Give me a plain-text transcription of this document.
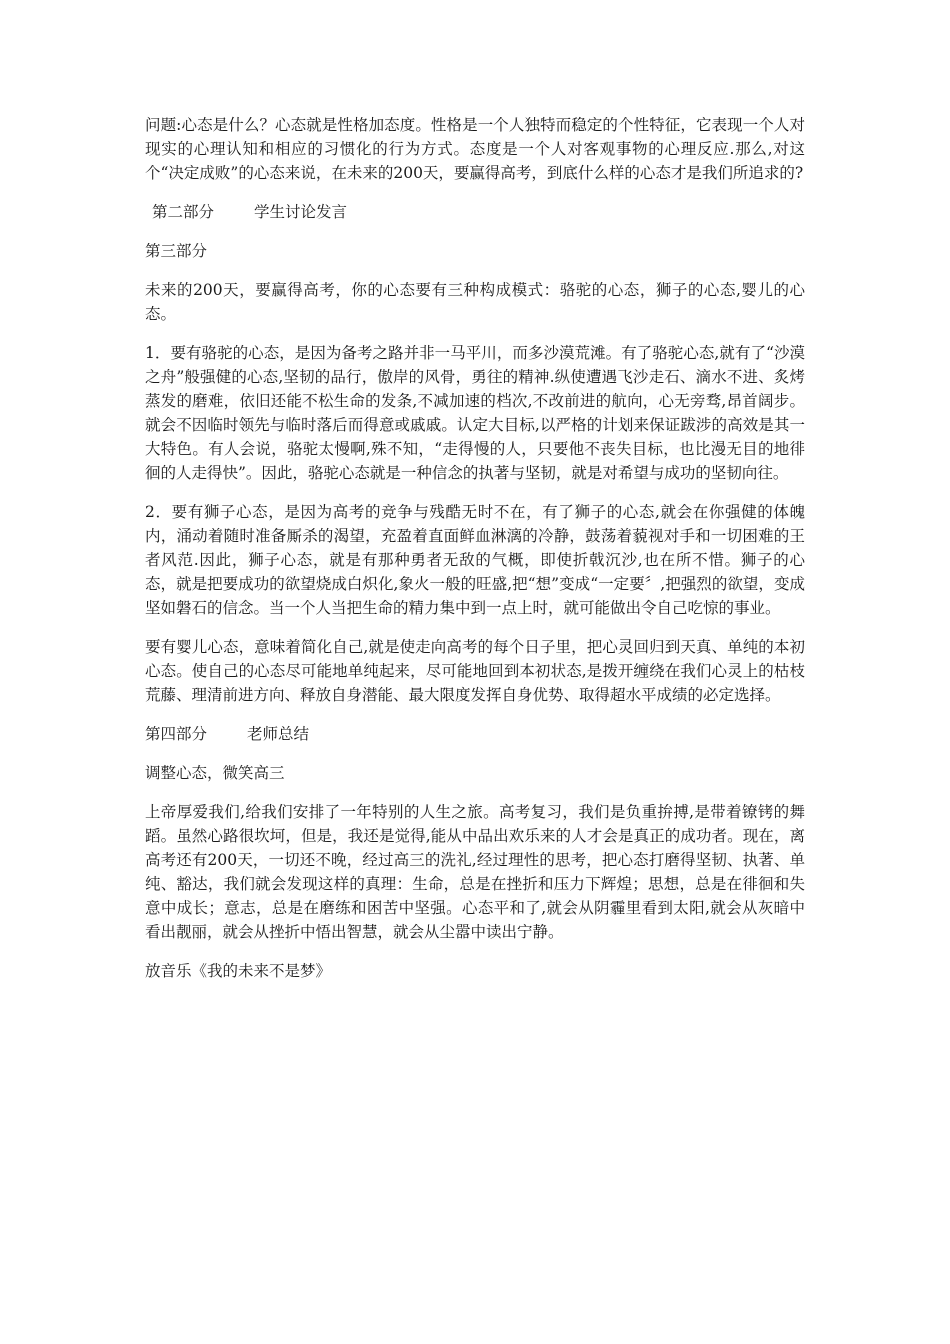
问题:心态是什么？心态就是性格加态度。性格是一个人独特而稳定的个性特征，它表现一个人对现实的心理认知和相应的习惯化的行为方式。态度是一个人对客观事物的心理反应.那么,对这个“决定成败”的心态来说，在未来的200天，要赢得高考，到底什么样的心态才是我们所追求的?

第二部分	学生讨论发言
第三部分

未来的200天，要赢得高考，你的心态要有三种构成模式：骆驼的心态，狮子的心态,婴儿的心态。

1．要有骆驼的心态，是因为备考之路并非一马平川，而多沙漠荒滩。有了骆驼心态,就有了“沙漠之舟”般强健的心态,坚韧的品行，傲岸的风骨，勇往的精神.纵使遭遇飞沙走石、滴水不进、炙烤蒸发的磨难，依旧还能不松生命的发条,不减加速的档次,不改前进的航向，心无旁骛,昂首阔步。就会不因临时领先与临时落后而得意或戚戚。认定大目标,以严格的计划来保证跋涉的高效是其一大特色。有人会说，骆驼太慢啊,殊不知，“走得慢的人，只要他不丧失目标，也比漫无目的地徘徊的人走得快”。因此，骆驼心态就是一种信念的执著与坚韧，就是对希望与成功的坚韧向往。

2．要有狮子心态，是因为高考的竞争与残酷无时不在，有了狮子的心态,就会在你强健的体魄内，涌动着随时准备厮杀的渴望，充盈着直面鲜血淋漓的冷静，鼓荡着藐视对手和一切困难的王者风范.因此，狮子心态，就是有那种勇者无敌的气概，即使折戟沉沙,也在所不惜。狮子的心态，就是把要成功的欲望烧成白炽化,象火一般的旺盛,把“想”变成“一定要〞,把强烈的欲望，变成坚如磐石的信念。当一个人当把生命的精力集中到一点上时，就可能做出令自己吃惊的事业。

要有婴儿心态，意味着简化自己,就是使走向高考的每个日子里，把心灵回归到天真、单纯的本初心态。使自己的心态尽可能地单纯起来，尽可能地回到本初状态,是拨开缠绕在我们心灵上的枯枝荒藤、理清前进方向、释放自身潜能、最大限度发挥自身优势、取得超水平成绩的必定选择。

第四部分	老师总结
调整心态，微笑高三

上帝厚爱我们,给我们安排了一年特别的人生之旅。高考复习，我们是负重拚搏,是带着镣铐的舞蹈。虽然心路很坎坷，但是，我还是觉得,能从中品出欢乐来的人才会是真正的成功者。现在，离高考还有200天，一切还不晚，经过高三的洗礼,经过理性的思考，把心态打磨得坚韧、执著、单纯、豁达，我们就会发现这样的真理：生命，总是在挫折和压力下辉煌；思想，总是在徘徊和失意中成长；意志，总是在磨练和困苦中坚强。心态平和了,就会从阴霾里看到太阳,就会从灰暗中看出靓丽，就会从挫折中悟出智慧，就会从尘嚣中读出宁静。

放音乐《我的未来不是梦》
